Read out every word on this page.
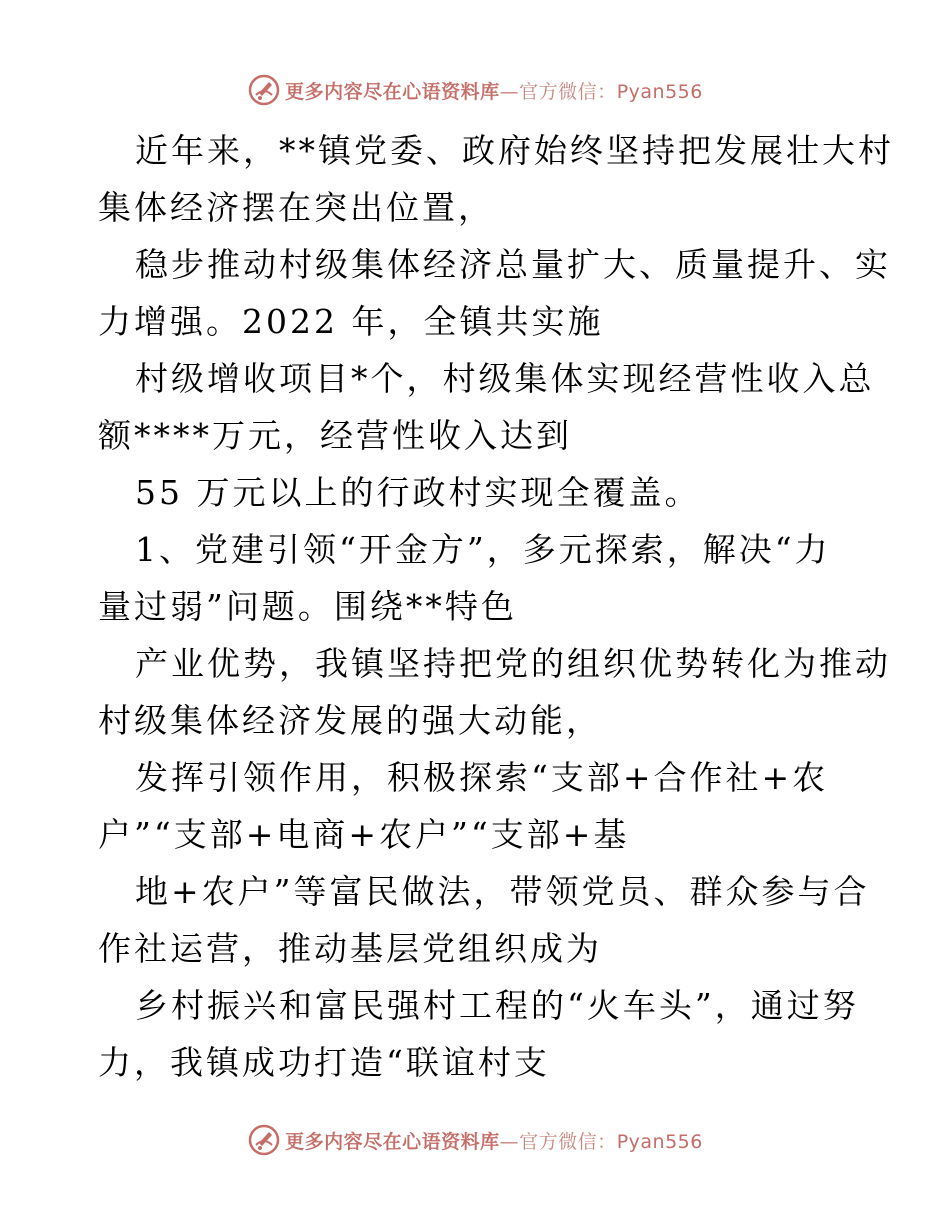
更多内容尽在心语资料库—官方微信：Pyan556
近年来，**镇党委、政府始终坚持把发展壮大村
集体经济摆在突出位置，
稳步推动村级集体经济总量扩大、质量提升、实
力增强。2022 年，全镇共实施
村级增收项目*个，村级集体实现经营性收入总
额****万元，经营性收入达到
55 万元以上的行政村实现全覆盖。
1、党建引领“开金方”，多元探索，解决“力
量过弱”问题。围绕**特色
产业优势，我镇坚持把党的组织优势转化为推动
村级集体经济发展的强大动能，
发挥引领作用，积极探索“支部+合作社+农
户”“支部+电商+农户”“支部+基
地+农户”等富民做法，带领党员、群众参与合
作社运营，推动基层党组织成为
乡村振兴和富民强村工程的“火车头”，通过努
力，我镇成功打造“联谊村支
更多内容尽在心语资料库—官方微信：Pyan556
